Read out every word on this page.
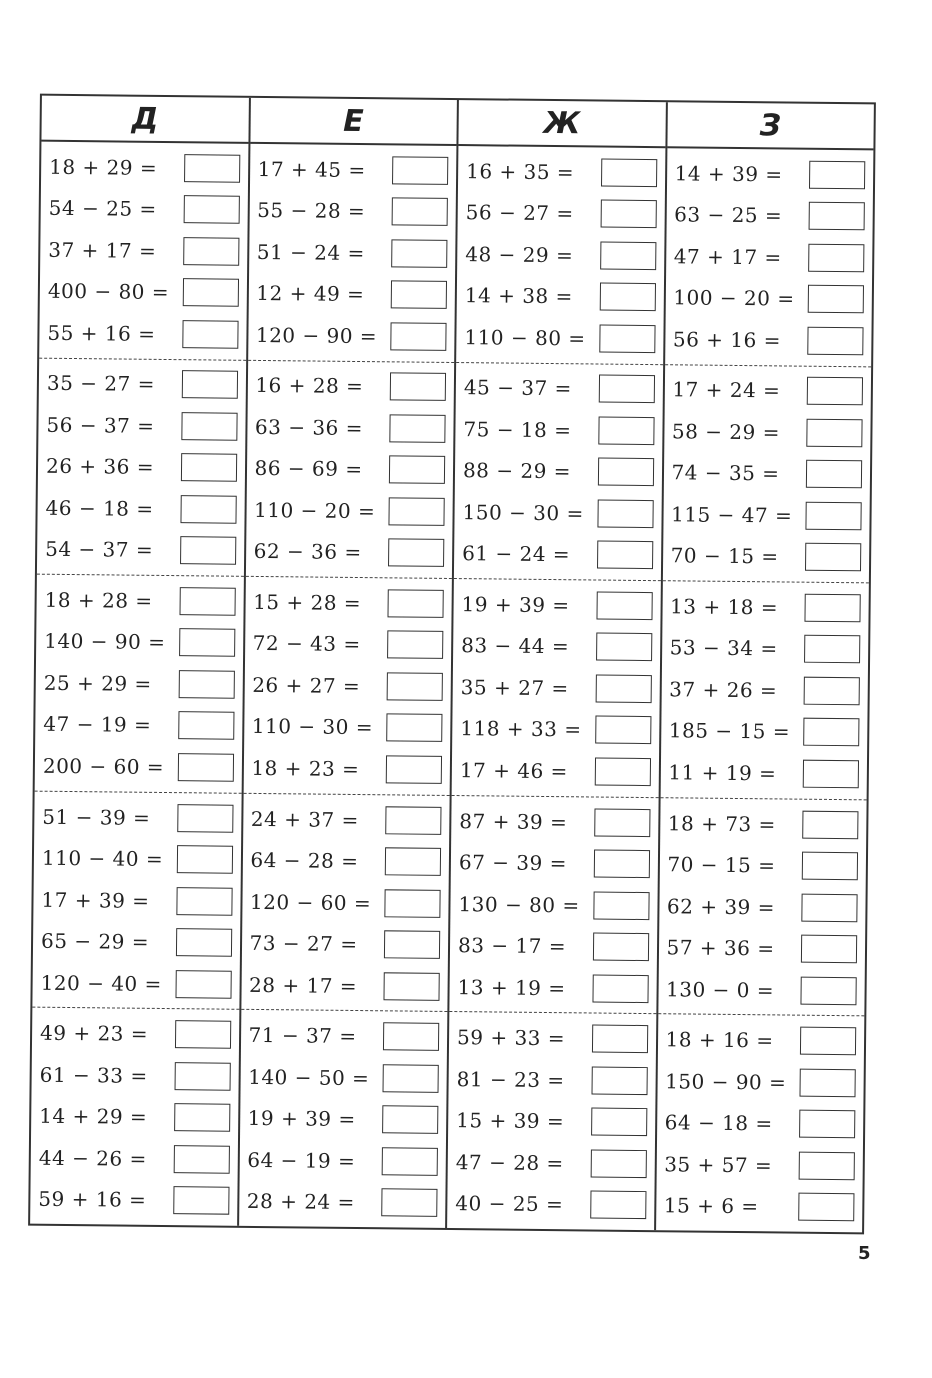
Д
18 + 29 =
54 − 25 =
37 + 17 =
400 − 80 =
55 + 16 =
35 − 27 =
56 − 37 =
26 + 36 =
46 − 18 =
54 − 37 =
18 + 28 =
140 − 90 =
25 + 29 =
47 − 19 =
200 − 60 =
51 − 39 =
110 − 40 =
17 + 39 =
65 − 29 =
120 − 40 =
49 + 23 =
61 − 33 =
14 + 29 =
44 − 26 =
59 + 16 =
Е
17 + 45 =
55 − 28 =
51 − 24 =
12 + 49 =
120 − 90 =
16 + 28 =
63 − 36 =
86 − 69 =
110 − 20 =
62 − 36 =
15 + 28 =
72 − 43 =
26 + 27 =
110 − 30 =
18 + 23 =
24 + 37 =
64 − 28 =
120 − 60 =
73 − 27 =
28 + 17 =
71 − 37 =
140 − 50 =
19 + 39 =
64 − 19 =
28 + 24 =
Ж
16 + 35 =
56 − 27 =
48 − 29 =
14 + 38 =
110 − 80 =
45 − 37 =
75 − 18 =
88 − 29 =
150 − 30 =
61 − 24 =
19 + 39 =
83 − 44 =
35 + 27 =
118 + 33 =
17 + 46 =
87 + 39 =
67 − 39 =
130 − 80 =
83 − 17 =
13 + 19 =
59 + 33 =
81 − 23 =
15 + 39 =
47 − 28 =
40 − 25 =
З
14 + 39 =
63 − 25 =
47 + 17 =
100 − 20 =
56 + 16 =
17 + 24 =
58 − 29 =
74 − 35 =
115 − 47 =
70 − 15 =
13 + 18 =
53 − 34 =
37 + 26 =
185 − 15 =
11 + 19 =
18 + 73 =
70 − 15 =
62 + 39 =
57 + 36 =
130 − 0 =
18 + 16 =
150 − 90 =
64 − 18 =
35 + 57 =
15 + 6 =
5
